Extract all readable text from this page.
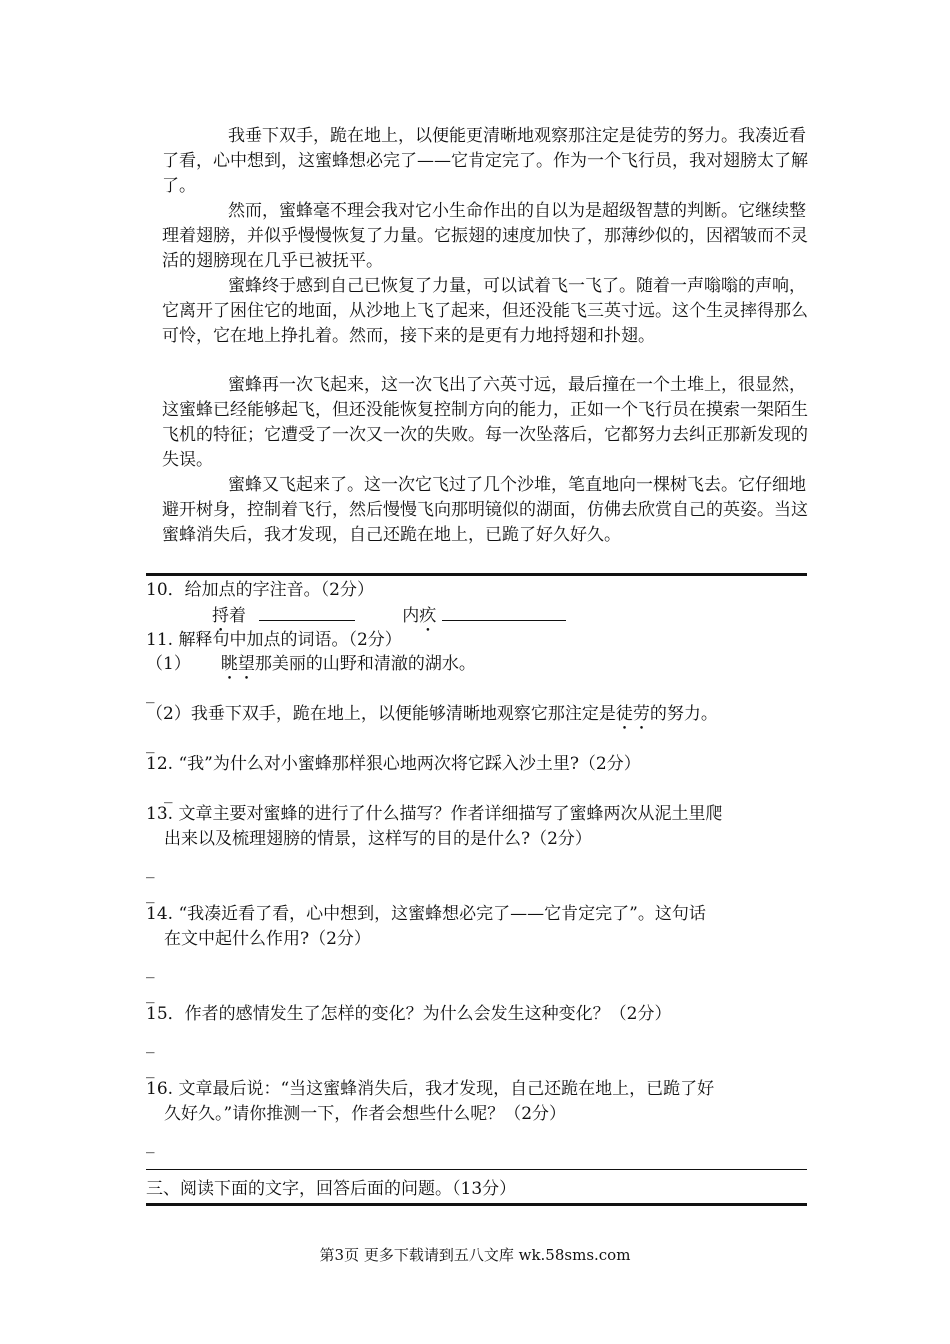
我垂下双手，跪在地上，以便能更清晰地观察那注定是徒劳的努力。我凑近看了看，心中想到，这蜜蜂想必完了——它肯定完了。作为一个飞行员，我对翅膀太了解了。

然而，蜜蜂毫不理会我对它小生命作出的自以为是超级智慧的判断。它继续整理着翅膀，并似乎慢慢恢复了力量。它振翅的速度加快了，那薄纱似的，因褶皱而不灵活的翅膀现在几乎已被抚平。

蜜蜂终于感到自己已恢复了力量，可以试着飞一飞了。随着一声嗡嗡的声响，它离开了困住它的地面，从沙地上飞了起来，但还没能飞三英寸远。这个生灵摔得那么可怜，它在地上挣扎着。然而，接下来的是更有力地捋翅和扑翅。

蜜蜂再一次飞起来，这一次飞出了六英寸远，最后撞在一个土堆上，很显然，这蜜蜂已经能够起飞，但还没能恢复控制方向的能力，正如一个飞行员在摸索一架陌生飞机的特征；它遭受了一次又一次的失败。每一次坠落后，它都努力去纠正那新发现的失误。

蜜蜂又飞起来了。这一次它飞过了几个沙堆，笔直地向一棵树飞去。它仔细地避开树身，控制着飞行，然后慢慢飞向那明镜似的湖面，仿佛去欣赏自己的英姿。当这蜜蜂消失后，我才发现，自己还跪在地上，已跪了好久好久。

10．给加点的字注音。（2分）

捋着	内疚

11. 解释句中加点的词语。（2分）

（1） 眺望那美丽的山野和清澈的湖水。

_

（2）我垂下双手，跪在地上，以便能够清晰地观察它那注定是徒劳的努力。

_

12. “我”为什么对小蜜蜂那样狠心地两次将它踩入沙土里?（2分）

_

13. 文章主要对蜜蜂的进行了什么描写？作者详细描写了蜜蜂两次从泥土里爬
出来以及梳理翅膀的情景，这样写的目的是什么?（2分）

_
_

14. “我凑近看了看，心中想到，这蜜蜂想必完了——它肯定完了”。这句话
在文中起什么作用?（2分）

_
_

15．作者的感情发生了怎样的变化？为什么会发生这种变化？（2分）

_
_

16. 文章最后说：“当这蜜蜂消失后，我才发现，自己还跪在地上，已跪了好
久好久。”请你推测一下，作者会想些什么呢？（2分）

_

三、阅读下面的文字，回答后面的问题。（13分）

第3页 更多下载请到五八文库 wk.58sms.com
